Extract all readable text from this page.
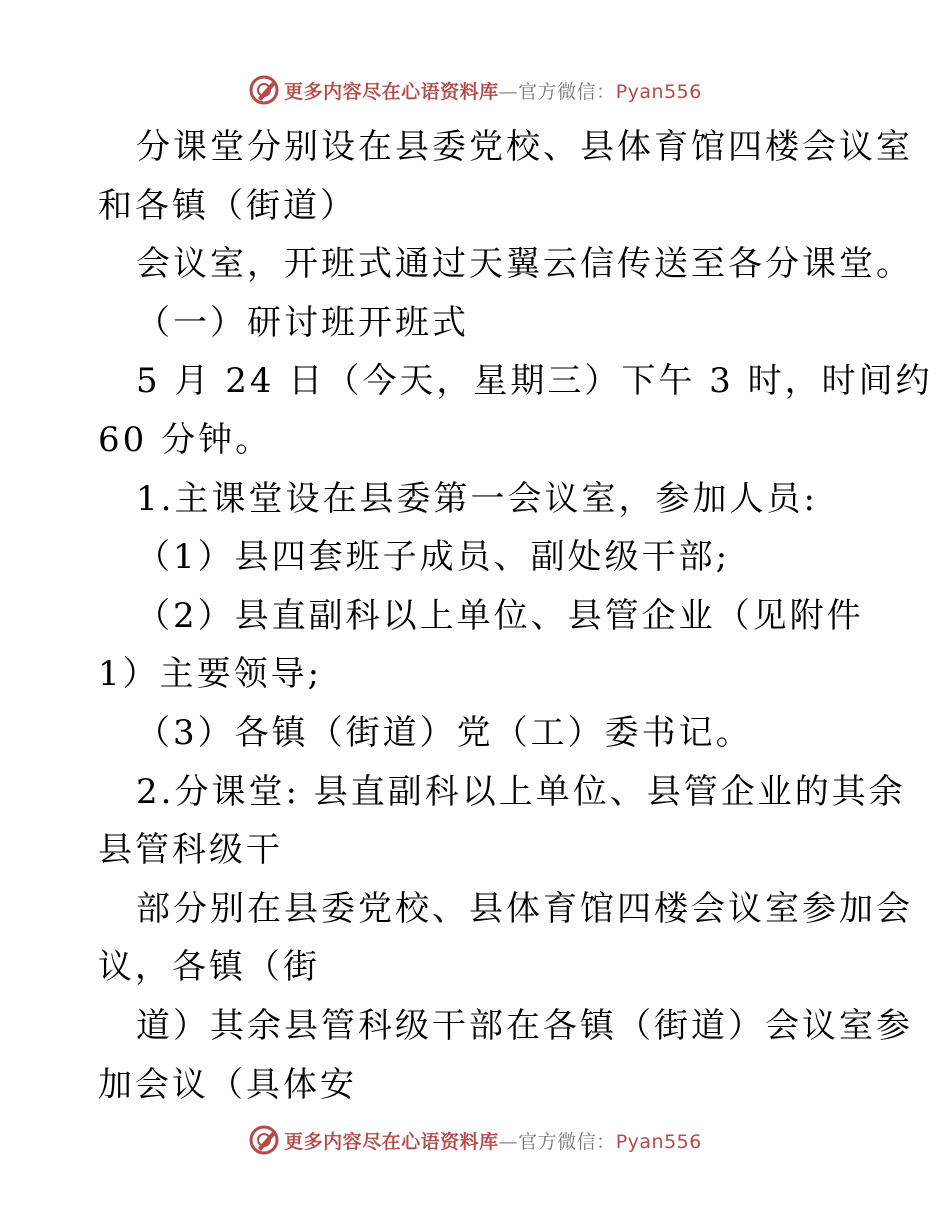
更多内容尽在心语资料库—官方微信：Pyan556
分课堂分别设在县委党校、县体育馆四楼会议室
和各镇（街道）
会议室，开班式通过天翼云信传送至各分课堂。
（一）研讨班开班式
5 月 24 日（今天，星期三）下午 3 时，时间约
60 分钟。
1.主课堂设在县委第一会议室，参加人员:
（1）县四套班子成员、副处级干部;
（2）县直副科以上单位、县管企业（见附件
1）主要领导;
（3）各镇（街道）党（工）委书记。
2.分课堂: 县直副科以上单位、县管企业的其余
县管科级干
部分别在县委党校、县体育馆四楼会议室参加会
议，各镇（街
道）其余县管科级干部在各镇（街道）会议室参
加会议（具体安
更多内容尽在心语资料库—官方微信：Pyan556
